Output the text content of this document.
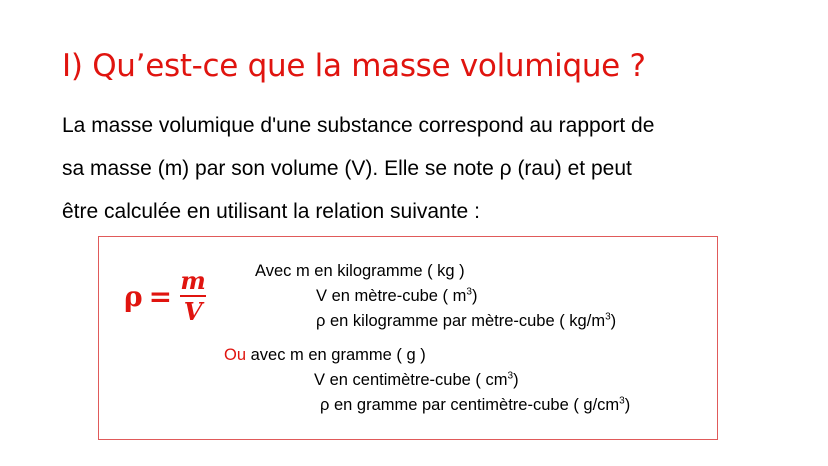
I) Qu’est-ce que la masse volumique ?
La masse volumique d'une substance correspond au rapport de
sa masse (m) par son volume (V). Elle se note ρ (rau) et peut
être calculée en utilisant la relation suivante :
$\rho = \frac{m}{V}$	Avec m en kilogramme ( kg )
V en mètre-cube ( $m^3$)
ρ en kilogramme par mètre-cube ( $kg/m^3$)
Ou avec m en gramme ( g )
V en centimètre-cube ( $cm^3$)
ρ en gramme par centimètre-cube ( $g/cm^3$)
